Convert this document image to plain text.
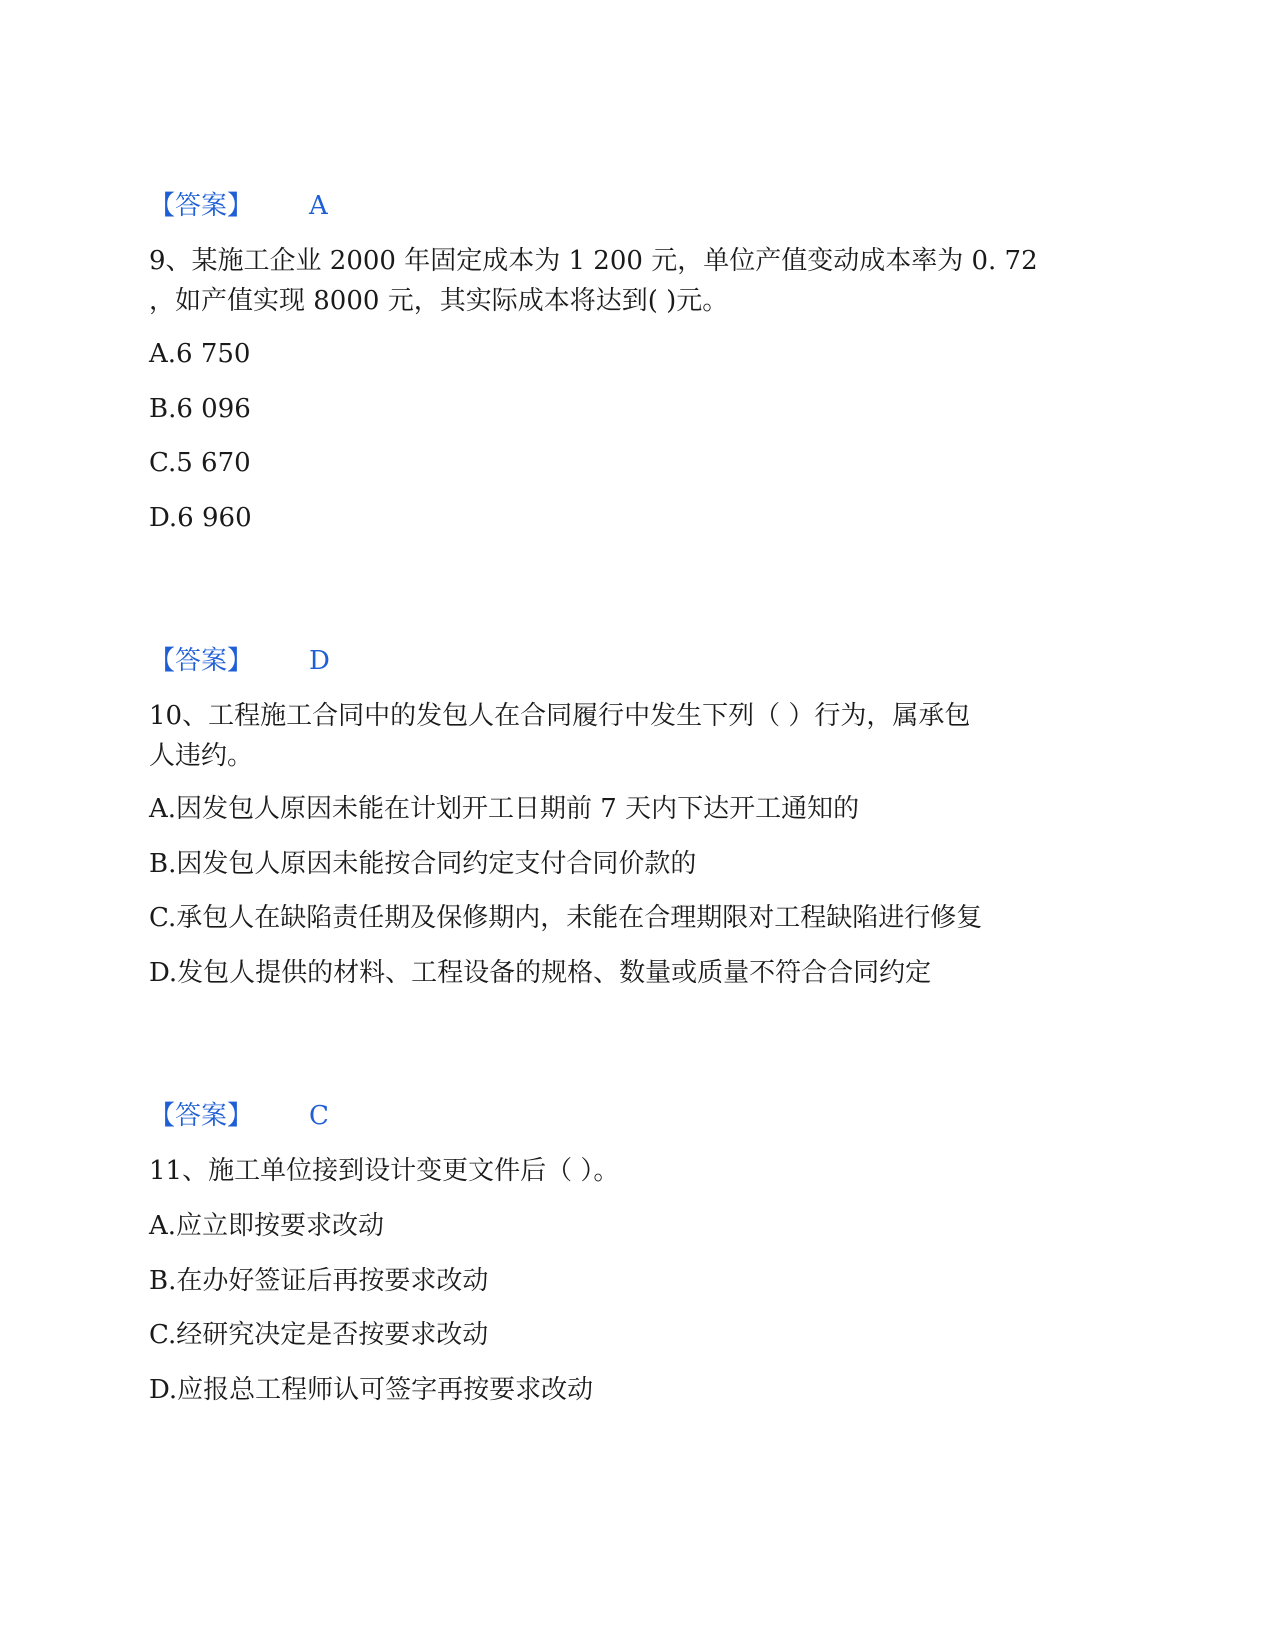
【答案】 A
9、某施工企业 2000 年固定成本为 1 200 元，单位产值变动成本率为 0. 72
，如产值实现 8000 元，其实际成本将达到( )元。
A.6 750
B.6 096
C.5 670
D.6 960
【答案】 D
10、工程施工合同中的发包人在合同履行中发生下列（ ）行为，属承包
人违约。
A.因发包人原因未能在计划开工日期前 7 天内下达开工通知的
B.因发包人原因未能按合同约定支付合同价款的
C.承包人在缺陷责任期及保修期内，未能在合理期限对工程缺陷进行修复
D.发包人提供的材料、工程设备的规格、数量或质量不符合合同约定
【答案】 C
11、施工单位接到设计变更文件后（ ）。
A.应立即按要求改动
B.在办好签证后再按要求改动
C.经研究决定是否按要求改动
D.应报总工程师认可签字再按要求改动
